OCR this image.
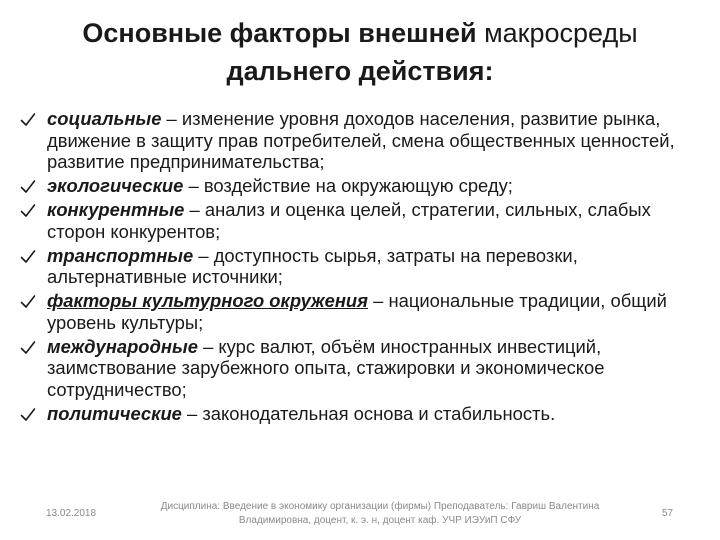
Основные факторы внешней макросреды
дальнего действия:
социальные – изменение уровня доходов населения, развитие рынка, движение в защиту прав потребителей, смена общественных ценностей, развитие предпринимательства;
экологические – воздействие на окружающую среду;
конкурентные – анализ и оценка целей, стратегии, сильных, слабых сторон конкурентов;
транспортные – доступность сырья, затраты на перевозки, альтернативные источники;
факторы культурного окружения – национальные традиции, общий уровень культуры;
международные – курс валют, объём иностранных инвестиций, заимствование зарубежного опыта, стажировки и экономическое сотрудничество;
политические – законодательная основа и стабильность.
13.02.2018
Дисциплина: Введение в экономику организации (фирмы) Преподаватель: Гавриш Валентина
Владимировна, доцент, к. э. н, доцент каф. УЧР ИЭУиП СФУ
57
